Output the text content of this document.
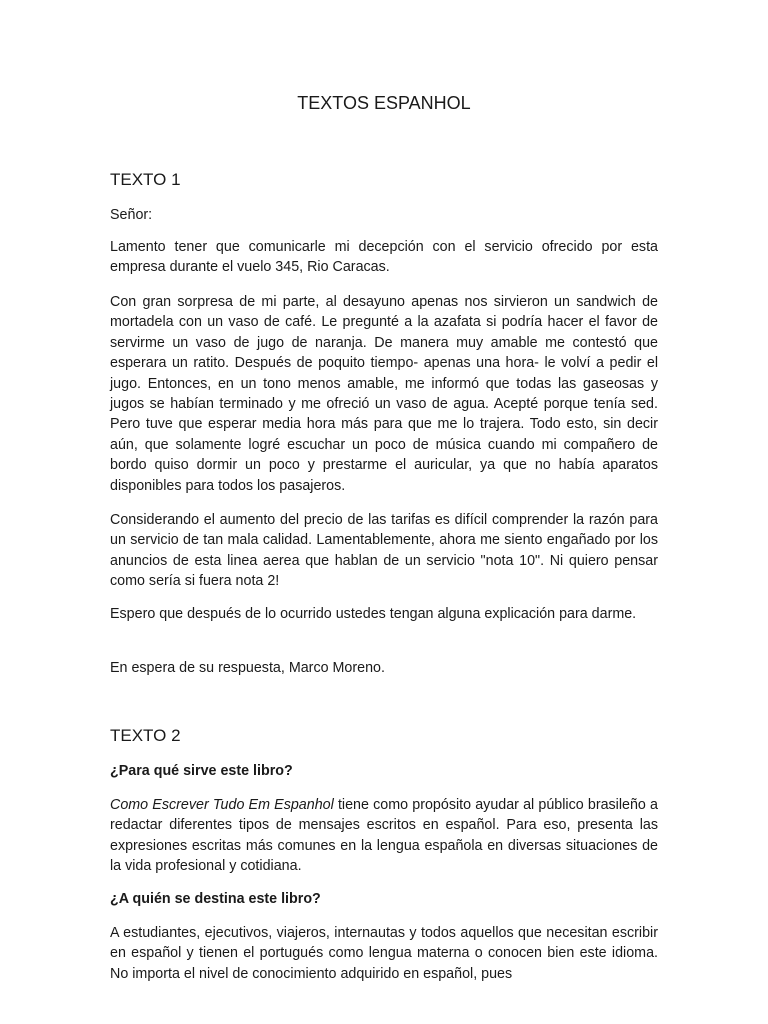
TEXTOS ESPANHOL
TEXTO 1

Señor:

Lamento tener que comunicarle mi decepción con el servicio ofrecido por esta empresa durante el vuelo 345, Rio Caracas.

Con gran sorpresa de mi parte, al desayuno apenas nos sirvieron un sandwich de mortadela con un vaso de café. Le pregunté a la azafata si podría hacer el favor de servirme un vaso de jugo de naranja. De manera muy amable me contestó que esperara un ratito. Después de poquito tiempo- apenas una hora- le volví a pedir el jugo. Entonces, en un tono menos amable, me informó que todas las gaseosas y jugos se habían terminado y me ofreció un vaso de agua. Acepté porque tenía sed. Pero tuve que esperar media hora más para que me lo trajera. Todo esto, sin decir aún, que solamente logré escuchar un poco de música cuando mi compañero de bordo quiso dormir un poco y prestarme el auricular, ya que no había aparatos disponibles para todos los pasajeros.

Considerando el aumento del precio de las tarifas es difícil comprender la razón para un servicio de tan mala calidad. Lamentablemente, ahora me siento engañado por los anuncios de esta linea aerea que hablan de un servicio "nota 10". Ni quiero pensar como sería si fuera nota 2!

Espero que después de lo ocurrido ustedes tengan alguna explicación para darme.

En espera de su respuesta, Marco Moreno.

TEXTO 2

¿Para qué sirve este libro?

Como Escrever Tudo Em Espanhol tiene como propósito ayudar al público brasileño a redactar diferentes tipos de mensajes escritos en español. Para eso, presenta las expresiones escritas más comunes en la lengua española en diversas situaciones de la vida profesional y cotidiana.

¿A quién se destina este libro?

A estudiantes, ejecutivos, viajeros, internautas y todos aquellos que necesitan escribir en español y tienen el portugués como lengua materna o conocen bien este idioma. No importa el nivel de conocimiento adquirido en español, pues
